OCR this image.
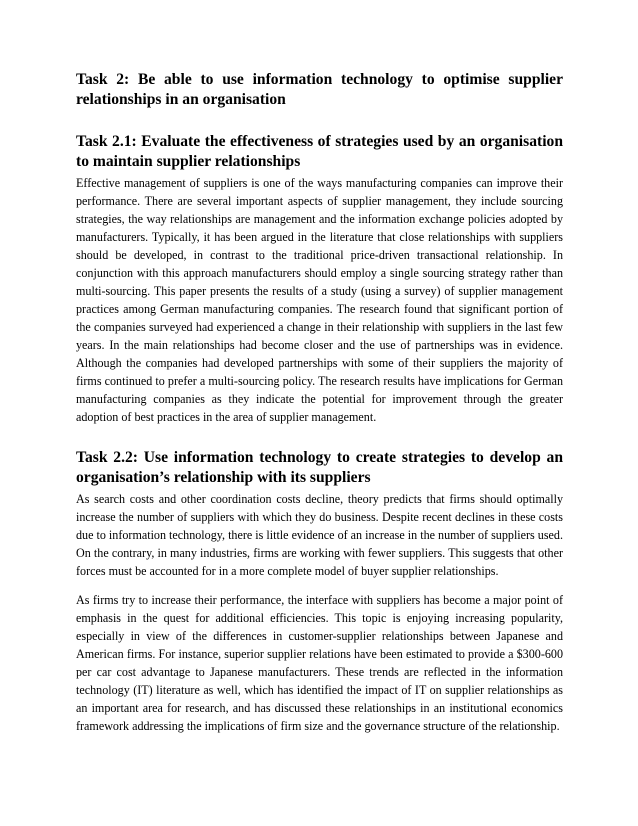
Task 2: Be able to use information technology to optimise supplier relationships in an organisation
Task 2.1: Evaluate the effectiveness of strategies used by an organisation to maintain supplier relationships

Effective management of suppliers is one of the ways manufacturing companies can improve their performance. There are several important aspects of supplier management, they include sourcing strategies, the way relationships are management and the information exchange policies adopted by manufacturers. Typically, it has been argued in the literature that close relationships with suppliers should be developed, in contrast to the traditional price-driven transactional relationship. In conjunction with this approach manufacturers should employ a single sourcing strategy rather than multi-sourcing. This paper presents the results of a study (using a survey) of supplier management practices among German manufacturing companies. The research found that significant portion of the companies surveyed had experienced a change in their relationship with suppliers in the last few years. In the main relationships had become closer and the use of partnerships was in evidence. Although the companies had developed partnerships with some of their suppliers the majority of firms continued to prefer a multi-sourcing policy. The research results have implications for German manufacturing companies as they indicate the potential for improvement through the greater adoption of best practices in the area of supplier management.

Task 2.2: Use information technology to create strategies to develop an organisation’s relationship with its suppliers

As search costs and other coordination costs decline, theory predicts that firms should optimally increase the number of suppliers with which they do business. Despite recent declines in these costs due to information technology, there is little evidence of an increase in the number of suppliers used. On the contrary, in many industries, firms are working with fewer suppliers. This suggests that other forces must be accounted for in a more complete model of buyer supplier relationships.

As firms try to increase their performance, the interface with suppliers has become a major point of emphasis in the quest for additional efficiencies. This topic is enjoying increasing popularity, especially in view of the differences in customer-supplier relationships between Japanese and American firms. For instance, superior supplier relations have been estimated to provide a $300-600 per car cost advantage to Japanese manufacturers. These trends are reflected in the information technology (IT) literature as well, which has identified the impact of IT on supplier relationships as an important area for research, and has discussed these relationships in an institutional economics framework addressing the implications of firm size and the governance structure of the relationship.
